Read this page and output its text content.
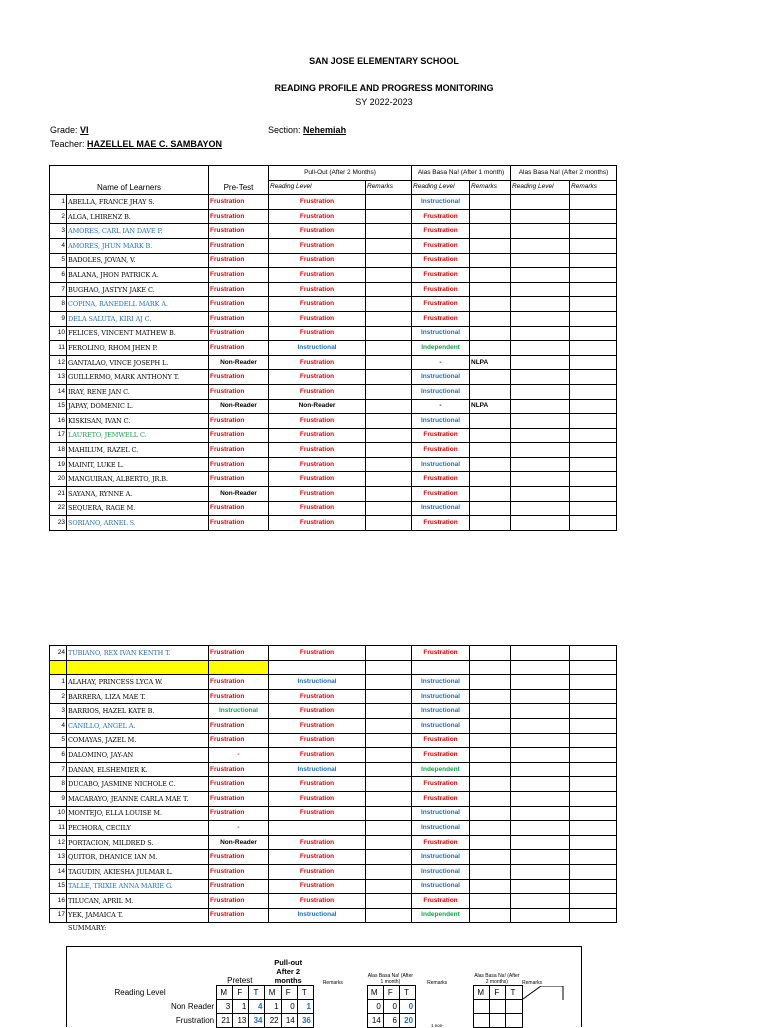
SAN JOSE ELEMENTARY SCHOOL
READING PROFILE AND PROGRESS MONITORING
SY 2022-2023
Grade: VI	Section: Nehemiah
Teacher: HAZELLEL MAE C. SAMBAYON
Name of Learners		Pre-Test	Pull-Out (After 2 Months)		Alas Basa Na! (After 1 month)		Alas Basa Na! (After 2 months)	
			Reading Level	Remarks	Reading Level	Remarks	Reading Level	Remarks
1	ABELLA, FRANCE JHAY S.	Frustration	Frustration		Instructional			
2	ALGA, LHIRENZ B.	Frustration	Frustration		Frustration			
3	AMORES, CARL IAN DAVE P.	Frustration	Frustration		Frustration			
4	AMORES, JHUN MARK B.	Frustration	Frustration		Frustration			
5	BADOLES, JOVAN, V.	Frustration	Frustration		Frustration			
6	BALANA, JHON PATRICK A.	Frustration	Frustration		Frustration			
7	BUGHAO, JASTYN JAKE C.	Frustration	Frustration		Frustration			
8	COPINA, RANEDELL MARK A.	Frustration	Frustration		Frustration			
9	DELA SALUTA, KIRI AJ C.	Frustration	Frustration		Frustration			
10	FELICES, VINCENT MATHEW B.	Frustration	Frustration		Instructional			
11	FEROLINO, RHOM JHEN P.	Frustration	Instructional		Independent			
12	GANTALAO, VINCE JOSEPH L.	Non-Reader	Frustration		-	NLPA		
13	GUILLERMO, MARK ANTHONY T.	Frustration	Frustration		Instructional			
14	IRAY, RENE JAN C.	Frustration	Frustration		Instructional			
15	JAPAY, DOMENIC L.	Non-Reader	Non-Reader		-	NLPA		
16	KISKISAN, IVAN C.	Frustration	Frustration		Instructional			
17	LAURETO, JEMWELL C.	Frustration	Frustration		Frustration			
18	MAHILUM, RAZEL C.	Frustration	Frustration		Frustration			
19	MAINIT, LUKE L.	Frustration	Frustration		Instructional			
20	MANGUIRAN, ALBERTO, JR.B.	Frustration	Frustration		Frustration			
21	SAYANA, RYNNE A.	Non-Reader	Frustration		Frustration			
22	SEQUERA, RAGE M.	Frustration	Frustration		Instructional			
23	SORIANO, ARNEL S.	Frustration	Frustration		Frustration			
24	TUBIANO, REX IVAN KENTH T.	Frustration	Frustration		Frustration			

1	ALAHAY, PRINCESS LYCA W.	Frustration	Instructional		Instructional			
2	BARRERA, LIZA MAE T.	Frustration	Frustration		Instructional			
3	BARRIOS, HAZEL KATE B.	Instructional	Frustration		Instructional			
4	CANILLO, ANGEL A.	Frustration	Frustration		Instructional			
5	COMAYAS, JAZEL M.	Frustration	Frustration		Frustration			
6	DALOMINO, JAY-AN	-	Frustration		Frustration			
7	DANAN, ELSHEMIER K.	Frustration	Instructional		Independent			
8	DUCABO, JASMINE NICHOLE C.	Frustration	Frustration		Frustration			
9	MACARAYO, JEANNE CARLA MAE T.	Frustration	Frustration		Frustration			
10	MONTEJO, ELLA LOUISE M.	Frustration	Frustration		Instructional			
11	PECHORA, CECILY	-			Instructional			
12	PORTACION, MILDRED S.	Non-Reader	Frustration		Frustration			
13	QUITOR, DHANICE IAN M.	Frustration	Frustration		Instructional			
14	TAGUDIN, AKIESHA JULMAR L.	Frustration	Frustration		Instructional			
15	TALLE, TRIXIE ANNA MARIE G.	Frustration	Frustration		Instructional			
16	TILUCAN, APRIL M.	Frustration	Frustration		Frustration			
17	YEK, JAMAICA T.	Frustration	Instructional		Independent			
SUMMARY:
	Pretest			Pull-out After 2 months			Remarks		Alas Basa Na! (After 1 month)			Remarks		Alas Basa Na! (After 2 months)			Remarks
Reading Level	M	F	T	M	F	T			M	F	T			M	F	T	

Non Reader	3	1	4	1	0	1			0	0	0						
Frustration	21	13	34	22	14	36			14	6	20	1 non-					
